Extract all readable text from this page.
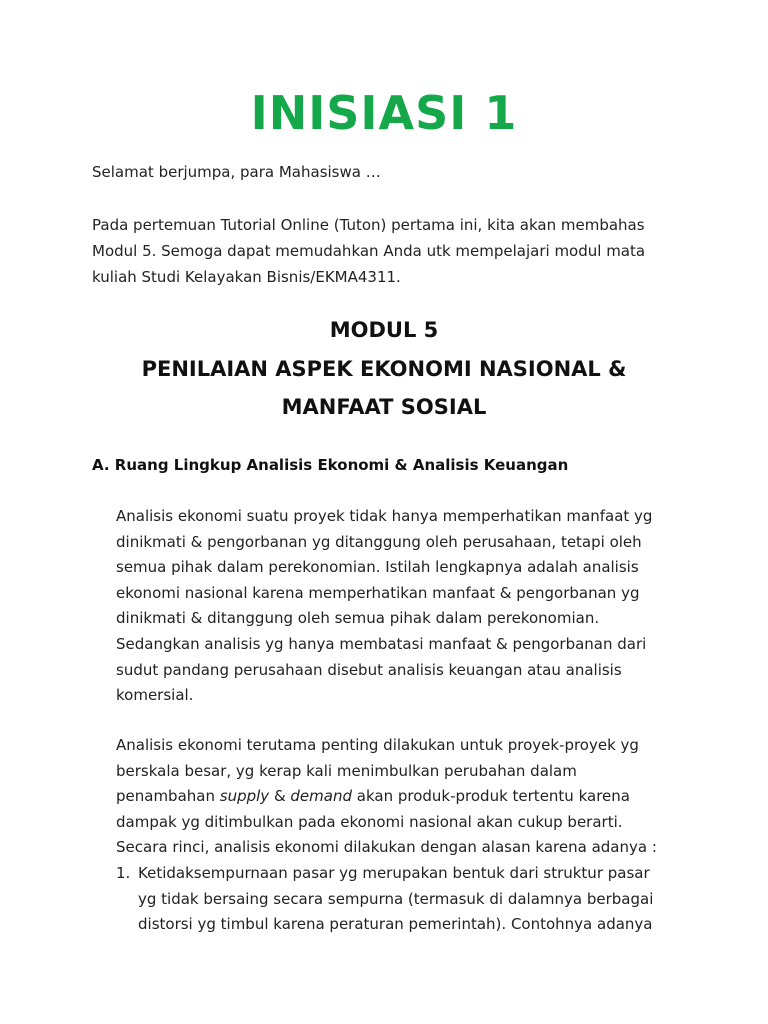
INISIASI 1
Selamat berjumpa, para Mahasiswa …
Pada pertemuan Tutorial Online (Tuton) pertama ini, kita akan membahas
Modul 5. Semoga dapat memudahkan Anda utk mempelajari modul mata
kuliah Studi Kelayakan Bisnis/EKMA4311.
MODUL 5
PENILAIAN ASPEK EKONOMI NASIONAL &
MANFAAT SOSIAL
A. Ruang Lingkup Analisis Ekonomi & Analisis Keuangan
Analisis ekonomi suatu proyek tidak hanya memperhatikan manfaat yg
dinikmati & pengorbanan yg ditanggung oleh perusahaan, tetapi oleh
semua pihak dalam perekonomian. Istilah lengkapnya adalah analisis
ekonomi nasional karena memperhatikan manfaat & pengorbanan yg
dinikmati & ditanggung oleh semua pihak dalam perekonomian.
Sedangkan analisis yg hanya membatasi manfaat & pengorbanan dari
sudut pandang perusahaan disebut analisis keuangan atau analisis
komersial.
Analisis ekonomi terutama penting dilakukan untuk proyek-proyek yg
berskala besar, yg kerap kali menimbulkan perubahan dalam
penambahan supply & demand akan produk-produk tertentu karena
dampak yg ditimbulkan pada ekonomi nasional akan cukup berarti.
Secara rinci, analisis ekonomi dilakukan dengan alasan karena adanya :
1. Ketidaksempurnaan pasar yg merupakan bentuk dari struktur pasar
yg tidak bersaing secara sempurna (termasuk di dalamnya berbagai
distorsi yg timbul karena peraturan pemerintah). Contohnya adanya
